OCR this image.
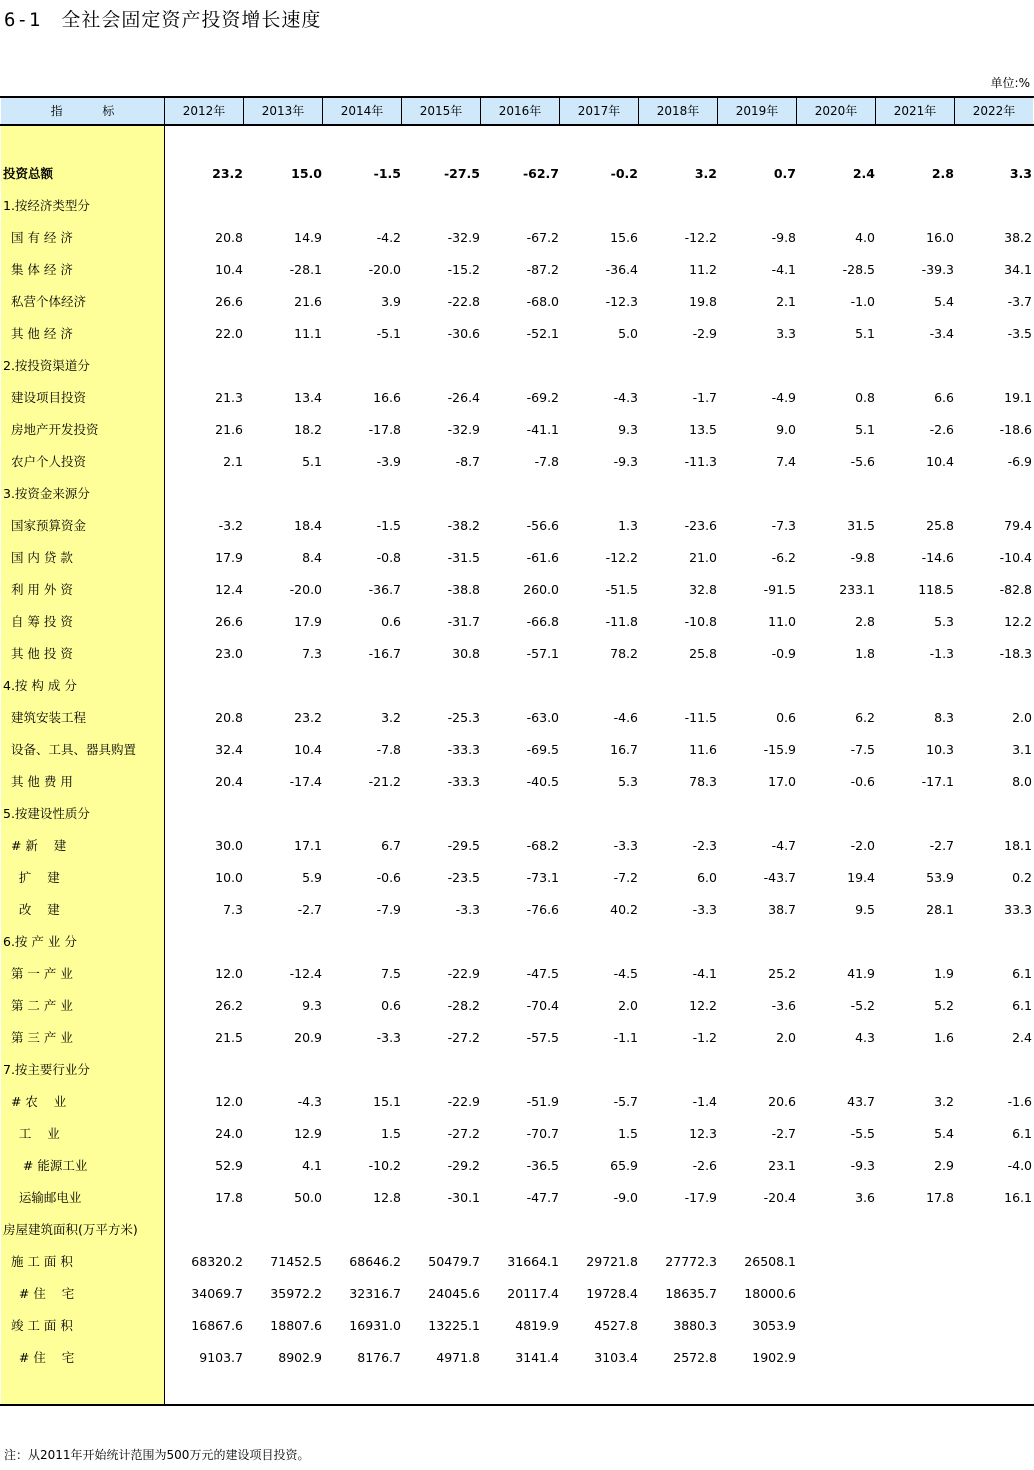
6-1 全社会固定资产投资增长速度
单位:%
指 标	2012年	2013年	2014年	2015年	2016年	2017年	2018年	2019年	2020年	2021年	2022年
投资总额	23.2	15.0	-1.5	-27.5	-62.7	-0.2	3.2	0.7	2.4	2.8	3.3
1.按经济类型分
国 有 经 济	20.8	14.9	-4.2	-32.9	-67.2	15.6	-12.2	-9.8	4.0	16.0	38.2
集 体 经 济	10.4	-28.1	-20.0	-15.2	-87.2	-36.4	11.2	-4.1	-28.5	-39.3	34.1
私营个体经济	26.6	21.6	3.9	-22.8	-68.0	-12.3	19.8	2.1	-1.0	5.4	-3.7
其 他 经 济	22.0	11.1	-5.1	-30.6	-52.1	5.0	-2.9	3.3	5.1	-3.4	-3.5
2.按投资渠道分
建设项目投资	21.3	13.4	16.6	-26.4	-69.2	-4.3	-1.7	-4.9	0.8	6.6	19.1
房地产开发投资	21.6	18.2	-17.8	-32.9	-41.1	9.3	13.5	9.0	5.1	-2.6	-18.6
农户个人投资	2.1	5.1	-3.9	-8.7	-7.8	-9.3	-11.3	7.4	-5.6	10.4	-6.9
3.按资金来源分
国家预算资金	-3.2	18.4	-1.5	-38.2	-56.6	1.3	-23.6	-7.3	31.5	25.8	79.4
国 内 贷 款	17.9	8.4	-0.8	-31.5	-61.6	-12.2	21.0	-6.2	-9.8	-14.6	-10.4
利 用 外 资	12.4	-20.0	-36.7	-38.8	260.0	-51.5	32.8	-91.5	233.1	118.5	-82.8
自 筹 投 资	26.6	17.9	0.6	-31.7	-66.8	-11.8	-10.8	11.0	2.8	5.3	12.2
其 他 投 资	23.0	7.3	-16.7	30.8	-57.1	78.2	25.8	-0.9	1.8	-1.3	-18.3
4.按 构 成 分
建筑安装工程	20.8	23.2	3.2	-25.3	-63.0	-4.6	-11.5	0.6	6.2	8.3	2.0
设备、工具、器具购置	32.4	10.4	-7.8	-33.3	-69.5	16.7	11.6	-15.9	-7.5	10.3	3.1
其 他 费 用	20.4	-17.4	-21.2	-33.3	-40.5	5.3	78.3	17.0	-0.6	-17.1	8.0
5.按建设性质分
# 新    建	30.0	17.1	6.7	-29.5	-68.2	-3.3	-2.3	-4.7	-2.0	-2.7	18.1
扩    建	10.0	5.9	-0.6	-23.5	-73.1	-7.2	6.0	-43.7	19.4	53.9	0.2
改    建	7.3	-2.7	-7.9	-3.3	-76.6	40.2	-3.3	38.7	9.5	28.1	33.3
6.按 产 业 分
第 一 产 业	12.0	-12.4	7.5	-22.9	-47.5	-4.5	-4.1	25.2	41.9	1.9	6.1
第 二 产 业	26.2	9.3	0.6	-28.2	-70.4	2.0	12.2	-3.6	-5.2	5.2	6.1
第 三 产 业	21.5	20.9	-3.3	-27.2	-57.5	-1.1	-1.2	2.0	4.3	1.6	2.4
7.按主要行业分
# 农    业	12.0	-4.3	15.1	-22.9	-51.9	-5.7	-1.4	20.6	43.7	3.2	-1.6
工    业	24.0	12.9	1.5	-27.2	-70.7	1.5	12.3	-2.7	-5.5	5.4	6.1
# 能源工业	52.9	4.1	-10.2	-29.2	-36.5	65.9	-2.6	23.1	-9.3	2.9	-4.0
运输邮电业	17.8	50.0	12.8	-30.1	-47.7	-9.0	-17.9	-20.4	3.6	17.8	16.1
房屋建筑面积(万平方米)
施 工 面 积	68320.2	71452.5	68646.2	50479.7	31664.1	29721.8	27772.3	26508.1
# 住    宅	34069.7	35972.2	32316.7	24045.6	20117.4	19728.4	18635.7	18000.6
竣 工 面 积	16867.6	18807.6	16931.0	13225.1	4819.9	4527.8	3880.3	3053.9
# 住    宅	9103.7	8902.9	8176.7	4971.8	3141.4	3103.4	2572.8	1902.9
注：从2011年开始统计范围为500万元的建设项目投资。
